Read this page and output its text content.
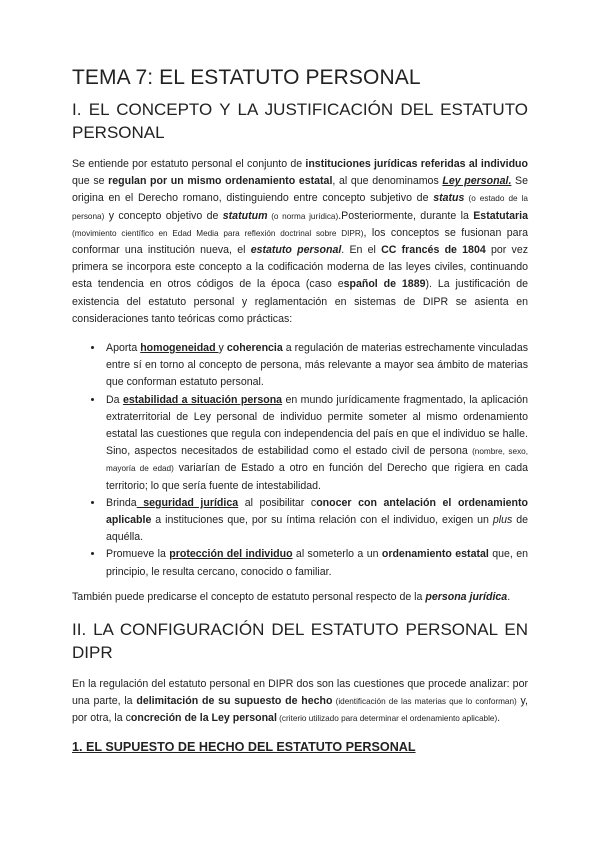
TEMA 7: EL ESTATUTO PERSONAL
I. EL CONCEPTO Y LA JUSTIFICACIÓN DEL ESTATUTO PERSONAL

Se entiende por estatuto personal el conjunto de instituciones jurídicas referidas al individuo que se regulan por un mismo ordenamiento estatal, al que denominamos Ley personal. Se origina en el Derecho romano, distinguiendo entre concepto subjetivo de status (o estado de la persona) y concepto objetivo de statutum (o norma jurídica).Posteriormente, durante la Estatutaria (movimiento científico en Edad Media para reflexión doctrinal sobre DIPR), los conceptos se fusionan para conformar una institución nueva, el estatuto personal. En el CC francés de 1804 por vez primera se incorpora este concepto a la codificación moderna de las leyes civiles, continuando esta tendencia en otros códigos de la época (caso español de 1889). La justificación de existencia del estatuto personal y reglamentación en sistemas de DIPR se asienta en consideraciones tanto teóricas como prácticas:

• Aporta homogeneidad y coherencia a regulación de materias estrechamente vinculadas entre sí en torno al concepto de persona, más relevante a mayor sea ámbito de materias que conforman estatuto personal.
• Da estabilidad a situación persona en mundo jurídicamente fragmentado, la aplicación extraterritorial de Ley personal de individuo permite someter al mismo ordenamiento estatal las cuestiones que regula con independencia del país en que el individuo se halle. Sino, aspectos necesitados de estabilidad como el estado civil de persona (nombre, sexo, mayoría de edad) variarían de Estado a otro en función del Derecho que rigiera en cada territorio; lo que sería fuente de intestabilidad.
• Brinda seguridad jurídica al posibilitar conocer con antelación el ordenamiento aplicable a instituciones que, por su íntima relación con el individuo, exigen un plus de aquélla.
• Promueve la protección del individuo al someterlo a un ordenamiento estatal que, en principio, le resulta cercano, conocido o familiar.

También puede predicarse el concepto de estatuto personal respecto de la persona jurídica.

II. LA CONFIGURACIÓN DEL ESTATUTO PERSONAL EN DIPR

En la regulación del estatuto personal en DIPR dos son las cuestiones que procede analizar: por una parte, la delimitación de su supuesto de hecho (identificación de las materias que lo conforman) y, por otra, la concreción de la Ley personal (criterio utilizado para determinar el ordenamiento aplicable).

1. EL SUPUESTO DE HECHO DEL ESTATUTO PERSONAL
